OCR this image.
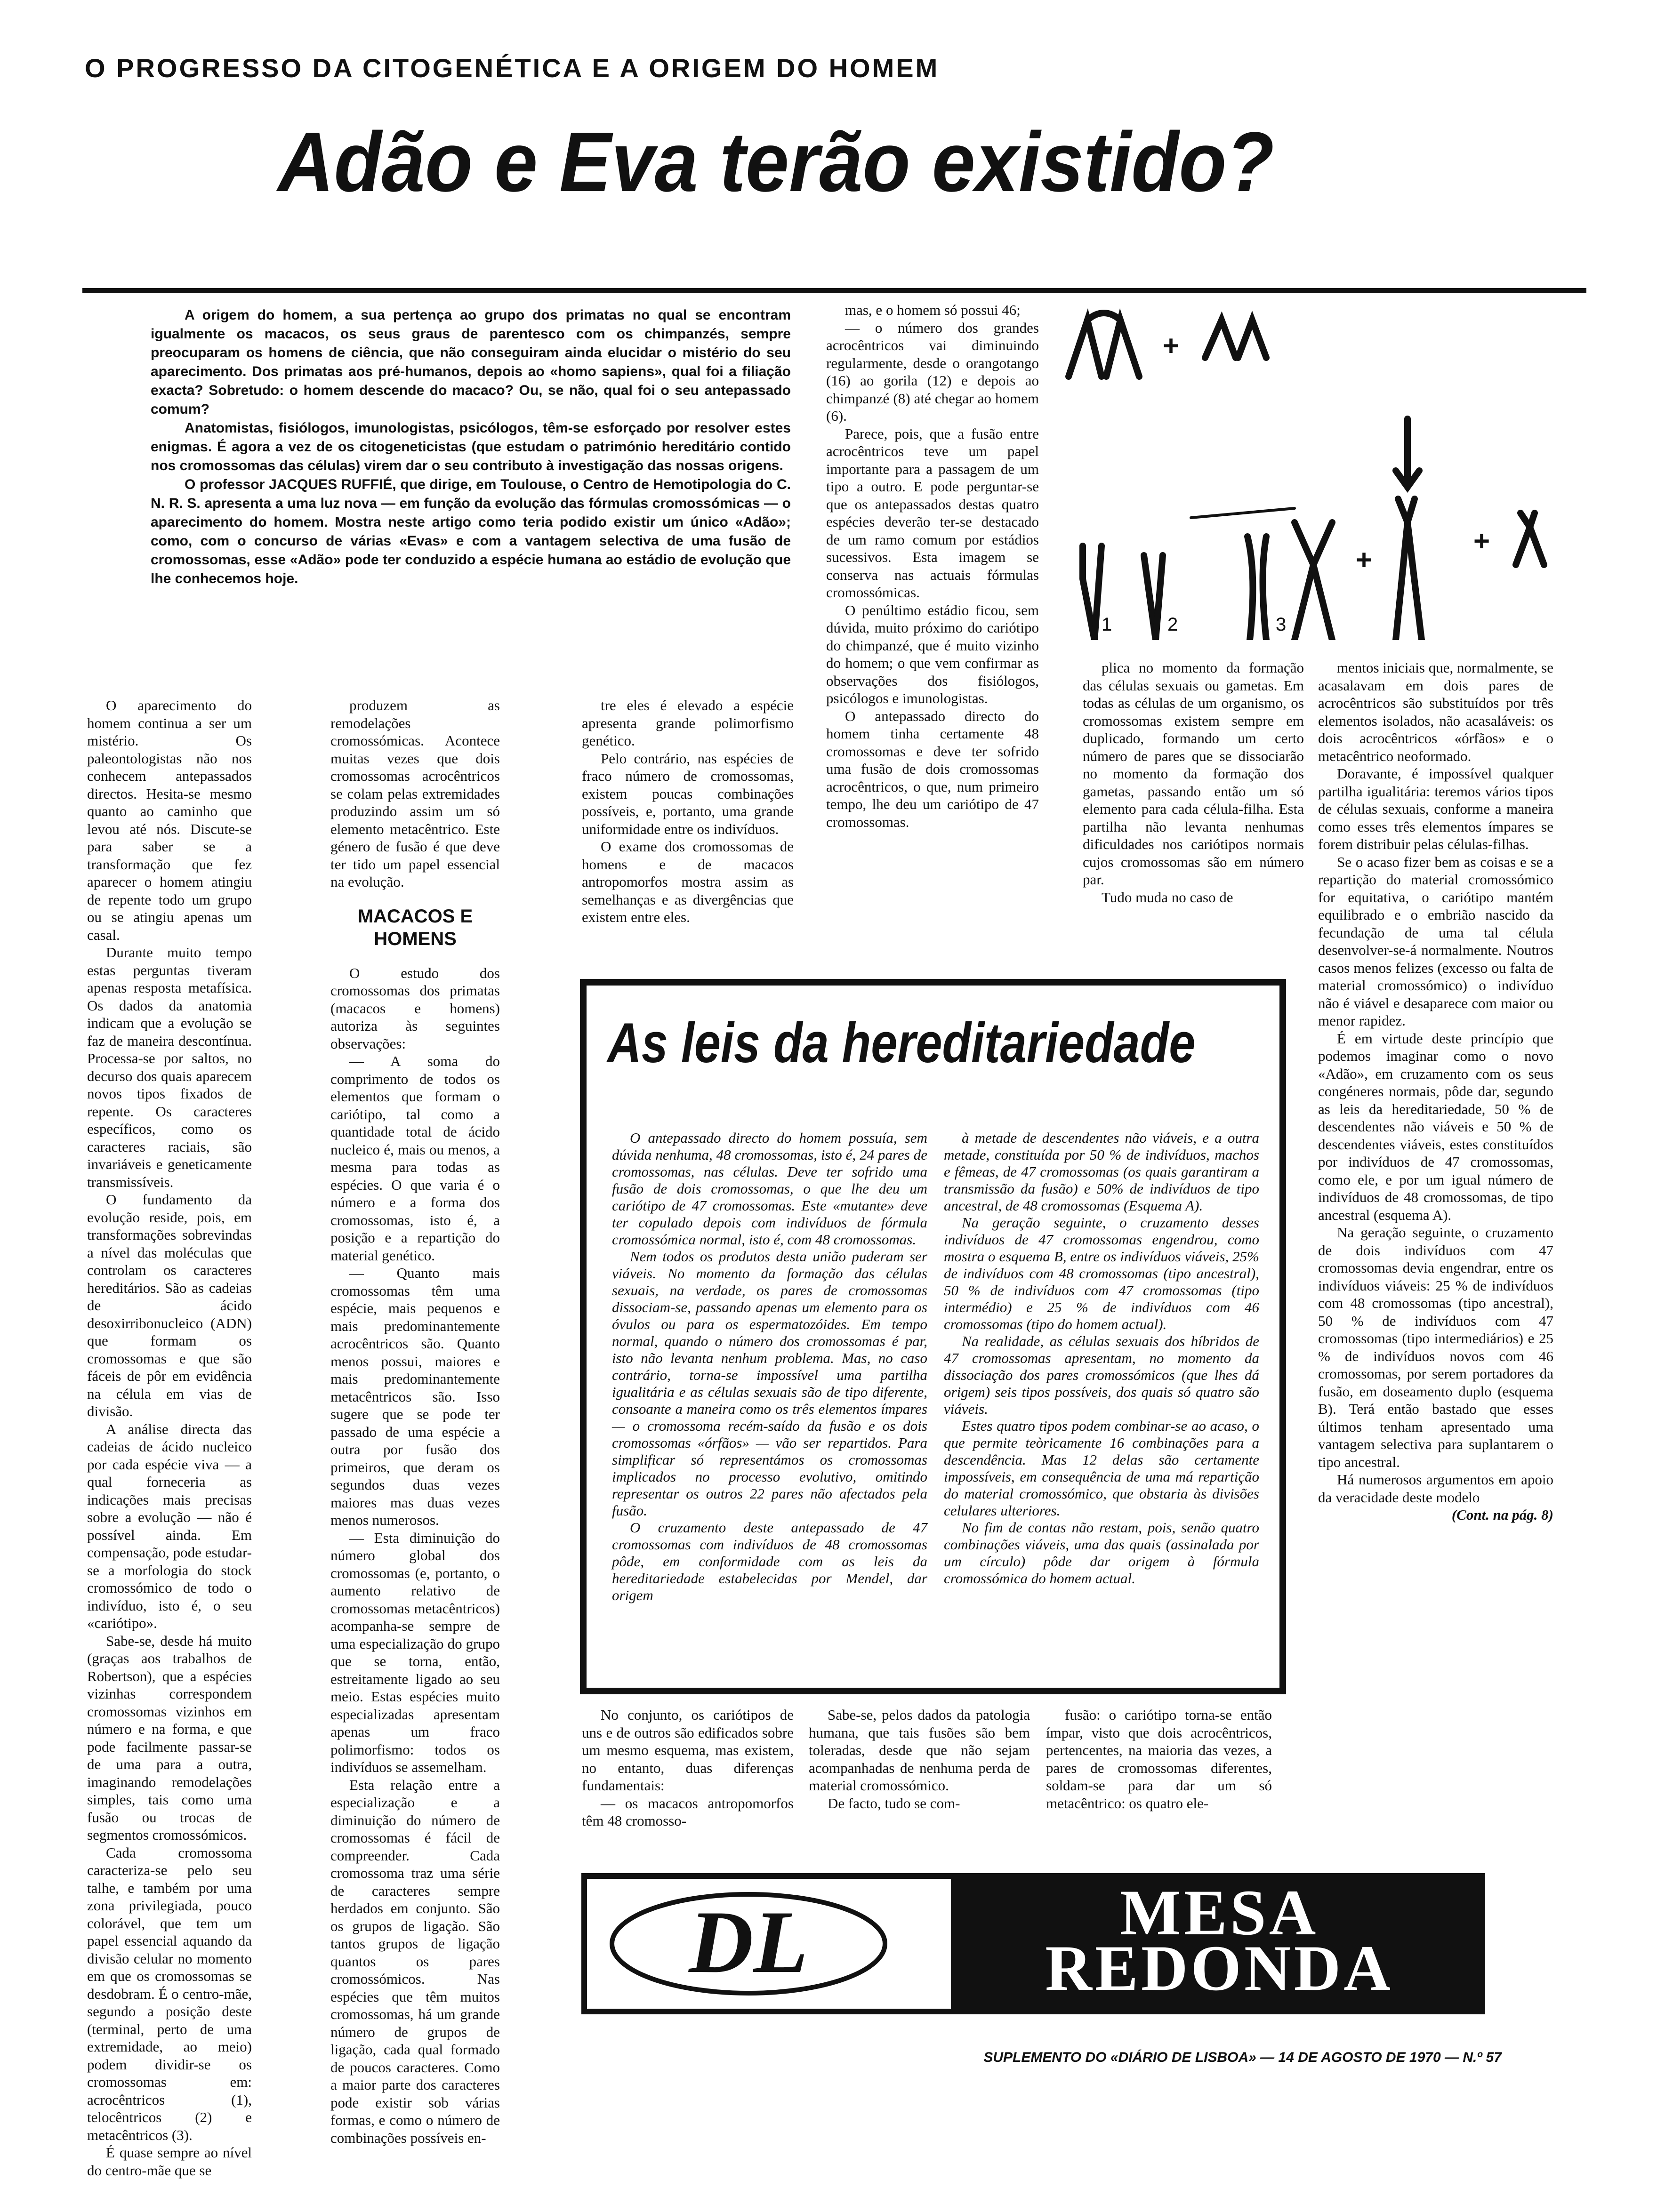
O PROGRESSO DA CITOGENÉTICA E A ORIGEM DO HOMEM
Adão e Eva terão existido?

A origem do homem, a sua pertença ao grupo dos primatas no qual se encontram igualmente os macacos, os seus graus de parentesco com os chimpanzés, sempre preocuparam os homens de ciência, que não conseguiram ainda elucidar o mistério do seu aparecimento. Dos primatas aos pré-humanos, depois ao «homo sapiens», qual foi a filiação exacta? Sobretudo: o homem descende do macaco? Ou, se não, qual foi o seu antepassado comum?

Anatomistas, fisiólogos, imunologistas, psicólogos, têm-se esforçado por resolver estes enigmas. É agora a vez de os citogeneticistas (que estudam o património hereditário contido nos cromossomas das células) virem dar o seu contributo à investigação das nossas origens.

O professor JACQUES RUFFIÉ, que dirige, em Toulouse, o Centro de Hemotipologia do C. N. R. S. apresenta a uma luz nova — em função da evolução das fórmulas cromossómicas — o aparecimento do homem. Mostra neste artigo como teria podido existir um único «Adão»; como, com o concurso de várias «Evas» e com a vantagem selectiva de uma fusão de cromossomas, esse «Adão» pode ter conduzido a espécie humana ao estádio de evolução que lhe conhecemos hoje.

mas, e o homem só possui 46;

— o número dos grandes acrocêntricos vai diminuindo regularmente, desde o orangotango (16) ao gorila (12) e depois ao chimpanzé (8) até chegar ao homem (6).

Parece, pois, que a fusão entre acrocêntricos teve um papel importante para a passagem de um tipo a outro. E pode perguntar-se que os antepassados destas quatro espécies deverão ter-se destacado de um ramo comum por estádios sucessivos. Esta imagem se conserva nas actuais fórmulas cromossómicas.

O penúltimo estádio ficou, sem dúvida, muito próximo do cariótipo do chimpanzé, que é muito vizinho do homem; o que vem confirmar as observações dos fisiólogos, psicólogos e imunologistas.

O antepassado directo do homem tinha certamente 48 cromossomas e deve ter sofrido uma fusão de dois cromossomas acrocêntricos, o que, num primeiro tempo, lhe deu um cariótipo de 47 cromossomas.

+
+
+
1	2	3

O aparecimento do homem continua a ser um mistério. Os paleontologistas não nos conhecem antepassados directos. Hesita-se mesmo quanto ao caminho que levou até nós. Discute-se para saber se a transformação que fez aparecer o homem atingiu de repente todo um grupo ou se atingiu apenas um casal.

Durante muito tempo estas perguntas tiveram apenas resposta metafísica. Os dados da anatomia indicam que a evolução se faz de maneira descontínua. Processa-se por saltos, no decurso dos quais aparecem novos tipos fixados de repente. Os caracteres específicos, como os caracteres raciais, são invariáveis e geneticamente transmissíveis.

O fundamento da evolução reside, pois, em transformações sobrevindas a nível das moléculas que controlam os caracteres hereditários. São as cadeias de ácido desoxirribonucleico (ADN) que formam os cromossomas e que são fáceis de pôr em evidência na célula em vias de divisão.

A análise directa das cadeias de ácido nucleico por cada espécie viva — a qual forneceria as indicações mais precisas sobre a evolução — não é possível ainda. Em compensação, pode estudar-se a morfologia do stock cromossómico de todo o indivíduo, isto é, o seu «cariótipo».

Sabe-se, desde há muito (graças aos trabalhos de Robertson), que a espécies vizinhas correspondem cromossomas vizinhos em número e na forma, e que pode facilmente passar-se de uma para a outra, imaginando remodelações simples, tais como uma fusão ou trocas de segmentos cromossómicos.

Cada cromossoma caracteriza-se pelo seu talhe, e também por uma zona privilegiada, pouco colorável, que tem um papel essencial aquando da divisão celular no momento em que os cromossomas se desdobram. É o centro-mãe, segundo a posição deste (terminal, perto de uma extremidade, ao meio) podem dividir-se os cromossomas em: acrocêntricos (1), telocêntricos (2) e metacêntricos (3).

É quase sempre ao nível do centro-mãe que se

produzem as remodelações cromossómicas. Acontece muitas vezes que dois cromossomas acrocêntricos se colam pelas extremidades produzindo assim um só elemento metacêntrico. Este género de fusão é que deve ter tido um papel essencial na evolução.

MACACOS E HOMENS

O estudo dos cromossomas dos primatas (macacos e homens) autoriza às seguintes observações:

— A soma do comprimento de todos os elementos que formam o cariótipo, tal como a quantidade total de ácido nucleico é, mais ou menos, a mesma para todas as espécies. O que varia é o número e a forma dos cromossomas, isto é, a posição e a repartição do material genético.

— Quanto mais cromossomas têm uma espécie, mais pequenos e mais predominantemente acrocêntricos são. Quanto menos possui, maiores e mais predominantemente metacêntricos são. Isso sugere que se pode ter passado de uma espécie a outra por fusão dos primeiros, que deram os segundos duas vezes maiores mas duas vezes menos numerosos.

— Esta diminuição do número global dos cromossomas (e, portanto, o aumento relativo de cromossomas metacêntricos) acompanha-se sempre de uma especialização do grupo que se torna, então, estreitamente ligado ao seu meio. Estas espécies muito especializadas apresentam apenas um fraco polimorfismo: todos os indivíduos se assemelham.

Esta relação entre a especialização e a diminuição do número de cromossomas é fácil de compreender. Cada cromossoma traz uma série de caracteres sempre herdados em conjunto. São os grupos de ligação. São tantos grupos de ligação quantos os pares cromossómicos. Nas espécies que têm muitos cromossomas, há um grande número de grupos de ligação, cada qual formado de poucos caracteres. Como a maior parte dos caracteres pode existir sob várias formas, e como o número de combinações possíveis en-

tre eles é elevado a espécie apresenta grande polimorfismo genético.

Pelo contrário, nas espécies de fraco número de cromossomas, existem poucas combinações possíveis, e, portanto, uma grande uniformidade entre os indivíduos.

O exame dos cromossomas de homens e de macacos antropomorfos mostra assim as semelhanças e as divergências que existem entre eles.

plica no momento da formação das células sexuais ou gametas. Em todas as células de um organismo, os cromossomas existem sempre em duplicado, formando um certo número de pares que se dissociarão no momento da formação dos gametas, passando então um só elemento para cada célula-filha. Esta partilha não levanta nenhumas dificuldades nos cariótipos normais cujos cromossomas são em número par.

Tudo muda no caso de

mentos iniciais que, normalmente, se acasalavam em dois pares de acrocêntricos são substituídos por três elementos isolados, não acasaláveis: os dois acrocêntricos «órfãos» e o metacêntrico neoformado.

Doravante, é impossível qualquer partilha igualitária: teremos vários tipos de células sexuais, conforme a maneira como esses três elementos ímpares se forem distribuir pelas células-filhas.

Se o acaso fizer bem as coisas e se a repartição do material cromossómico for equitativa, o cariótipo mantém equilibrado e o embrião nascido da fecundação de uma tal célula desenvolver-se-á normalmente. Noutros casos menos felizes (excesso ou falta de material cromossómico) o indivíduo não é viável e desaparece com maior ou menor rapidez.

É em virtude deste princípio que podemos imaginar como o novo «Adão», em cruzamento com os seus congéneres normais, pôde dar, segundo as leis da hereditariedade, 50 % de descendentes não viáveis e 50 % de descendentes viáveis, estes constituídos por indivíduos de 47 cromossomas, como ele, e por um igual número de indivíduos de 48 cromossomas, de tipo ancestral (esquema A).

Na geração seguinte, o cruzamento de dois indivíduos com 47 cromossomas devia engendrar, entre os indivíduos viáveis: 25 % de indivíduos com 48 cromossomas (tipo ancestral), 50 % de indivíduos com 47 cromossomas (tipo intermediários) e 25 % de indivíduos novos com 46 cromossomas, por serem portadores da fusão, em doseamento duplo (esquema B). Terá então bastado que esses últimos tenham apresentado uma vantagem selectiva para suplantarem o tipo ancestral.

Há numerosos argumentos em apoio da veracidade deste modelo

(Cont. na pág. 8)
As leis da hereditariedade

O antepassado directo do homem possuía, sem dúvida nenhuma, 48 cromossomas, isto é, 24 pares de cromossomas, nas células. Deve ter sofrido uma fusão de dois cromossomas, o que lhe deu um cariótipo de 47 cromossomas. Este «mutante» deve ter copulado depois com indivíduos de fórmula cromossómica normal, isto é, com 48 cromossomas.

Nem todos os produtos desta união puderam ser viáveis. No momento da formação das células sexuais, na verdade, os pares de cromossomas dissociam-se, passando apenas um elemento para os óvulos ou para os espermatozóides. Em tempo normal, quando o número dos cromossomas é par, isto não levanta nenhum problema. Mas, no caso contrário, torna-se impossível uma partilha igualitária e as células sexuais são de tipo diferente, consoante a maneira como os três elementos ímpares — o cromossoma recém-saído da fusão e os dois cromossomas «órfãos» — vão ser repartidos. Para simplificar só representámos os cromossomas implicados no processo evolutivo, omitindo representar os outros 22 pares não afectados pela fusão.

O cruzamento deste antepassado de 47 cromossomas com indivíduos de 48 cromossomas pôde, em conformidade com as leis da hereditariedade estabelecidas por Mendel, dar origem

à metade de descendentes não viáveis, e a outra metade, constituída por 50 % de indivíduos, machos e fêmeas, de 47 cromossomas (os quais garantiram a transmissão da fusão) e 50% de indivíduos de tipo ancestral, de 48 cromossomas (Esquema A).

Na geração seguinte, o cruzamento desses indivíduos de 47 cromossomas engendrou, como mostra o esquema B, entre os indivíduos viáveis, 25% de indivíduos com 48 cromossomas (tipo ancestral), 50 % de indivíduos com 47 cromossomas (tipo intermédio) e 25 % de indivíduos com 46 cromossomas (tipo do homem actual).

Na realidade, as células sexuais dos híbridos de 47 cromossomas apresentam, no momento da dissociação dos pares cromossómicos (que lhes dá origem) seis tipos possíveis, dos quais só quatro são viáveis.

Estes quatro tipos podem combinar-se ao acaso, o que permite teòricamente 16 combinações para a descendência. Mas 12 delas são certamente impossíveis, em consequência de uma má repartição do material cromossómico, que obstaria às divisões celulares ulteriores.

No fim de contas não restam, pois, senão quatro combinações viáveis, uma das quais (assinalada por um círculo) pôde dar origem à fórmula cromossómica do homem actual.

No conjunto, os cariótipos de uns e de outros são edificados sobre um mesmo esquema, mas existem, no entanto, duas diferenças fundamentais:

— os macacos antropomorfos têm 48 cromosso-

Sabe-se, pelos dados da patologia humana, que tais fusões são bem toleradas, desde que não sejam acompanhadas de nenhuma perda de material cromossómico.

De facto, tudo se com-

fusão: o cariótipo torna-se então ímpar, visto que dois acrocêntricos, pertencentes, na maioria das vezes, a pares de cromossomas diferentes, soldam-se para dar um só metacêntrico: os quatro ele-

DL	MESA
REDONDA
SUPLEMENTO DO «DIÁRIO DE LISBOA» — 14 DE AGOSTO DE 1970 — N.º 57
